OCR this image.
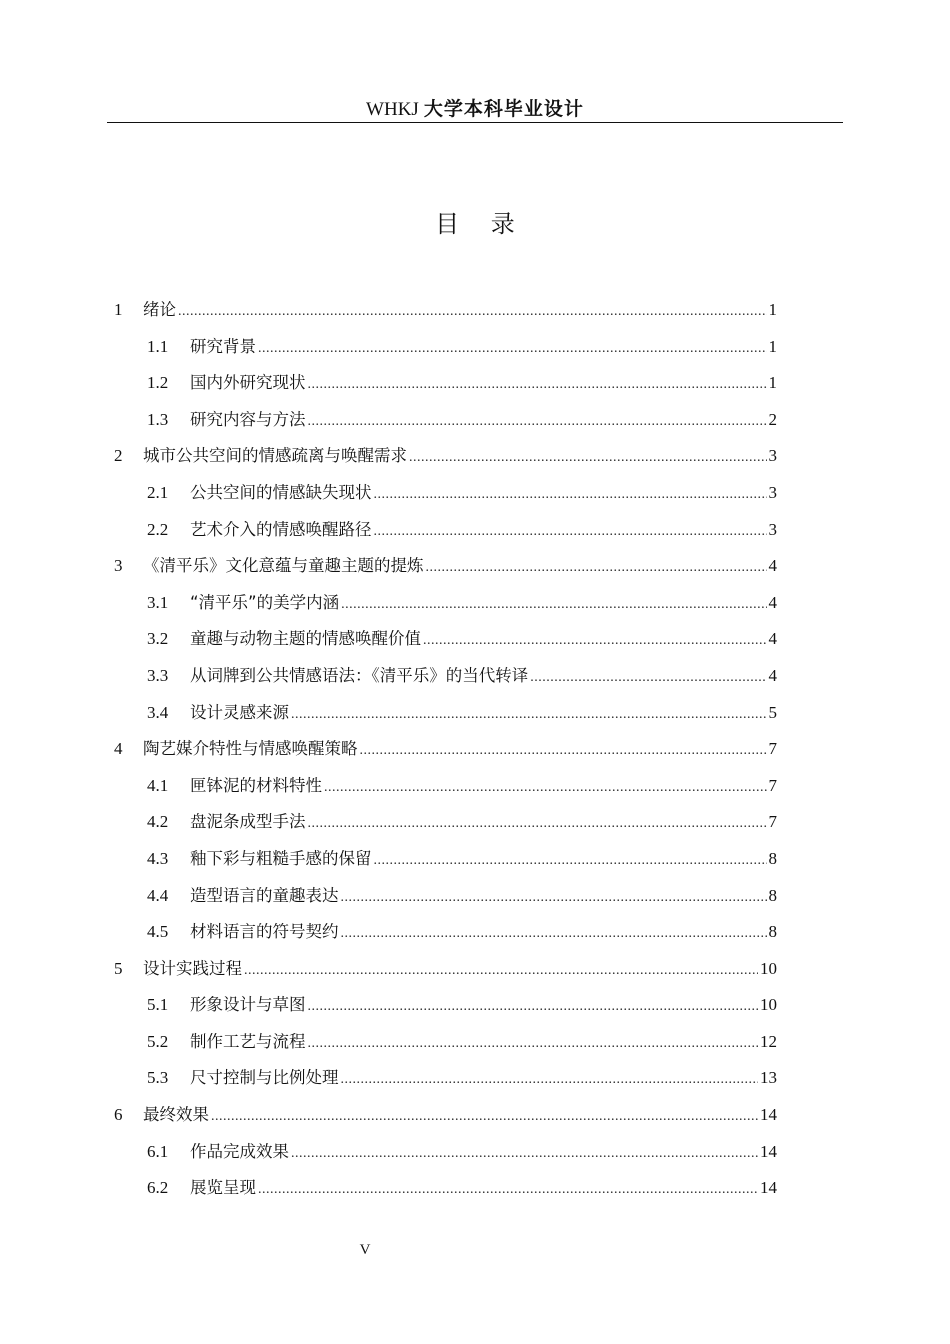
WHKJ 大学本科毕业设计
目 录
1	绪论 .....	1
1.1	研究背景 .....	1
1.2	国内外研究现状 .....	1
1.3	研究内容与方法 .....	2
2	城市公共空间的情感疏离与唤醒需求 .....	3
2.1	公共空间的情感缺失现状 .....	3
2.2	艺术介入的情感唤醒路径 .....	3
3	《清平乐》文化意蕴与童趣主题的提炼 .....	4
3.1	“清平乐”的美学内涵 .....	4
3.2	童趣与动物主题的情感唤醒价值 .....	4
3.3	从词牌到公共情感语法：《清平乐》的当代转译 .....	4
3.4	设计灵感来源 .....	5
4	陶艺媒介特性与情感唤醒策略 .....	7
4.1	匣钵泥的材料特性 .....	7
4.2	盘泥条成型手法 .....	7
4.3	釉下彩与粗糙手感的保留 .....	8
4.4	造型语言的童趣表达 .....	8
4.5	材料语言的符号契约 .....	8
5	设计实践过程 .....	10
5.1	形象设计与草图 .....	10
5.2	制作工艺与流程 .....	12
5.3	尺寸控制与比例处理 .....	13
6	最终效果 .....	14
6.1	作品完成效果 .....	14
6.2	展览呈现 .....	14
V
